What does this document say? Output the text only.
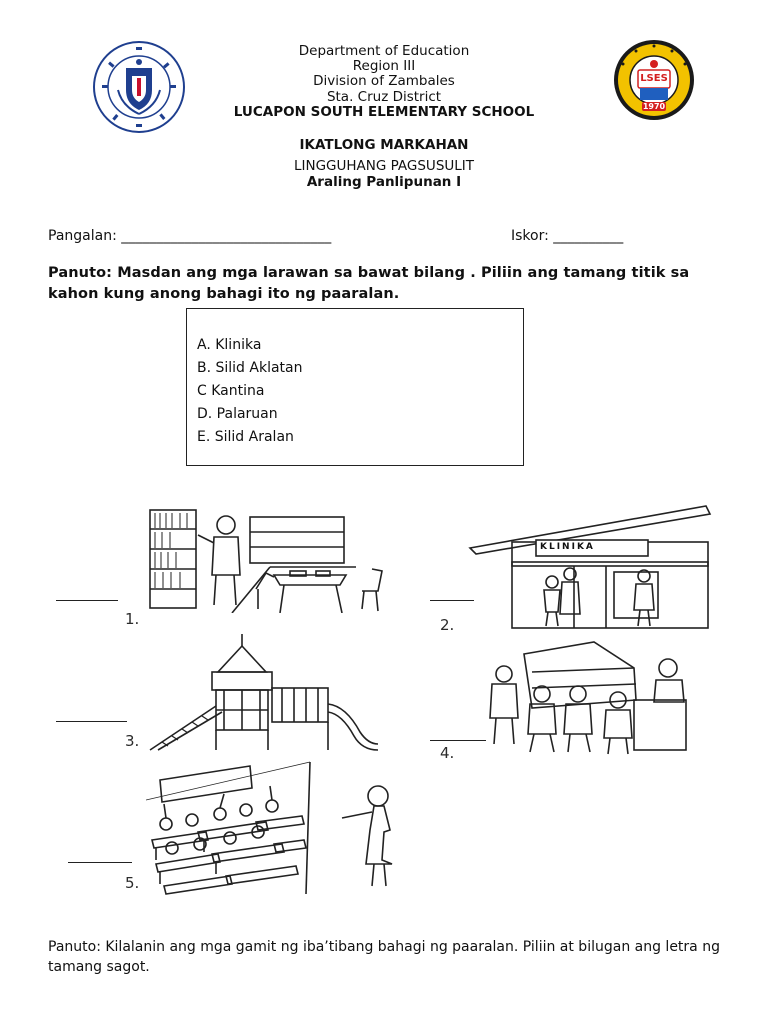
LSES
1970
Department of Education
Region III
Division of Zambales
Sta. Cruz District
LUCAPON SOUTH ELEMENTARY SCHOOL
IKATLONG MARKAHAN
LINGGUHANG PAGSUSULIT
Araling Panlipunan I
Pangalan: ______________________________	Iskor: __________
Panuto: Masdan ang mga larawan sa bawat bilang . Piliin ang tamang titik sa kahon kung anong bahagi ito ng paaralan.
A. Klinika
B. Silid Aklatan
C Kantina
D. Palaruan
E. Silid Aralan
1.	2.
KLINIKA
3.
4.
5.
Panuto: Kilalanin ang mga gamit ng iba’tibang bahagi ng paaralan. Piliin at bilugan ang letra ng tamang sagot.
